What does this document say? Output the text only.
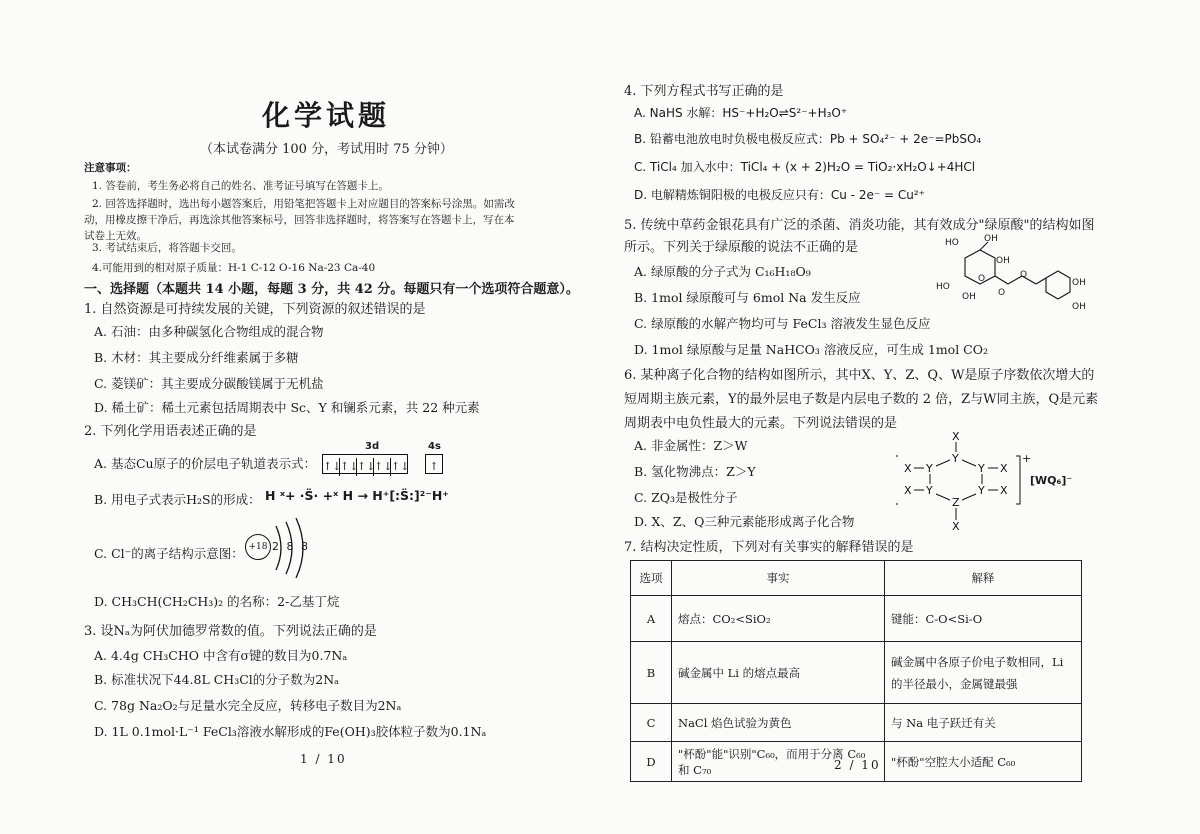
化学试题
（本试卷满分 100 分，考试用时 75 分钟）
注意事项：
1. 答卷前，考生务必将自己的姓名、准考证号填写在答题卡上。
2. 回答选择题时，选出每小题答案后，用铅笔把答题卡上对应题目的答案标号涂黑。如需改
动，用橡皮擦干净后，再选涂其他答案标号，回答非选择题时，将答案写在答题卡上，写在本
试卷上无效。
3. 考试结束后，将答题卡交回。
4.可能用到的相对原子质量：H-1 C-12 O-16 Na-23 Ca-40
一、选择题（本题共 14 小题，每题 3 分，共 42 分。每题只有一个选项符合题意）。
1. 自然资源是可持续发展的关键，下列资源的叙述错误的是
A. 石油：由多种碳氢化合物组成的混合物
B. 木材：其主要成分纤维素属于多糖
C. 菱镁矿：其主要成分碳酸镁属于无机盐
D. 稀土矿：稀土元素包括周期表中 Sc、Y 和镧系元素，共 22 种元素
2. 下列化学用语表述正确的是
A. 基态Cu原子的价层电子轨道表示式：
3d	4s
↑↓↑↓↑↓↑↓↑↓	↑
B. 用电子式表示H₂S的形成： H ˣ+ ·S̈· +ˣ H → H⁺[:S̈:]²⁻H⁺
C. Cl⁻的离子结构示意图： +18 2 8 8
D. CH₃CH(CH₂CH₃)₂ 的名称：2-乙基丁烷
3. 设Nₐ为阿伏加德罗常数的值。下列说法正确的是
A. 4.4g CH₃CHO 中含有σ键的数目为0.7Nₐ
B. 标准状况下44.8L CH₃Cl的分子数为2Nₐ
C. 78g Na₂O₂与足量水完全反应，转移电子数目为2Nₐ
D. 1L 0.1mol·L⁻¹ FeCl₃溶液水解形成的Fe(OH)₃胶体粒子数为0.1Nₐ
1 / 10
4. 下列方程式书写正确的是
A. NaHS 水解：HS⁻+H₂O⇌S²⁻+H₃O⁺
B. 铅蓄电池放电时负极电极反应式：Pb + SO₄²⁻ + 2e⁻=PbSO₄
C. TiCl₄ 加入水中：TiCl₄ + (x + 2)H₂O = TiO₂·xH₂O↓+4HCl
D. 电解精炼铜阳极的电极反应只有：Cu - 2e⁻ = Cu²⁺
5. 传统中草药金银花具有广泛的杀菌、消炎功能，其有效成分"绿原酸"的结构如图
所示。下列关于绿原酸的说法不正确的是
A. 绿原酸的分子式为 C₁₆H₁₈O₉
B. 1mol 绿原酸可与 6mol Na 发生反应
C. 绿原酸的水解产物均可与 FeCl₃ 溶液发生显色反应
D. 1mol 绿原酸与足量 NaHCO₃ 溶液反应，可生成 1mol CO₂
HO	OH
OH
O
HO
OH O
O
OH
OH
6. 某种离子化合物的结构如图所示，其中X、Y、Z、Q、W是原子序数依次增大的
短周期主族元素，Y的最外层电子数是内层电子数的 2 倍，Z与W同主族，Q是元素
周期表中电负性最大的元素。下列说法错误的是
A. 非金属性：Z＞W
B. 氢化物沸点：Z＞Y
C. ZQ₃是极性分子
D. X、Z、Q三种元素能形成离子化合物
X
Y
Y	Y
Y	Y
Z
X
X	X
X	X
+
[WQ₆]⁻
7. 结构决定性质，下列对有关事实的解释错误的是
2 / 10
选项	事实	解释
A	熔点：CO₂<SiO₂	键能：C-O<Si-O
B	碱金属中 Li 的熔点最高	碱金属中各原子价电子数相同，Li 的半径最小，金属键最强
C	NaCl 焰色试验为黄色	与 Na 电子跃迁有关
D	"杯酚"能"识别"C₆₀，而用于分离 C₆₀ 和 C₇₀	"杯酚"空腔大小适配 C₆₀
